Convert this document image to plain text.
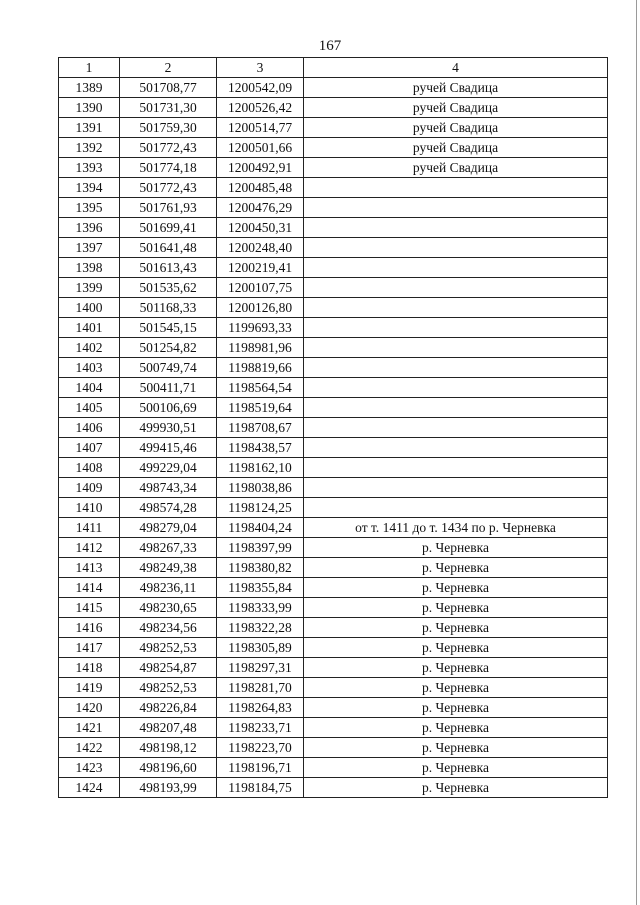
167
1	2	3	4
1389	501708,77	1200542,09	ручей Свадица
1390	501731,30	1200526,42	ручей Свадица
1391	501759,30	1200514,77	ручей Свадица
1392	501772,43	1200501,66	ручей Свадица
1393	501774,18	1200492,91	ручей Свадица
1394	501772,43	1200485,48	
1395	501761,93	1200476,29	
1396	501699,41	1200450,31	
1397	501641,48	1200248,40	
1398	501613,43	1200219,41	
1399	501535,62	1200107,75	
1400	501168,33	1200126,80	
1401	501545,15	1199693,33	
1402	501254,82	1198981,96	
1403	500749,74	1198819,66	
1404	500411,71	1198564,54	
1405	500106,69	1198519,64	
1406	499930,51	1198708,67	
1407	499415,46	1198438,57	
1408	499229,04	1198162,10	
1409	498743,34	1198038,86	
1410	498574,28	1198124,25	
1411	498279,04	1198404,24	от т. 1411 до т. 1434 по р. Черневка
1412	498267,33	1198397,99	р. Черневка
1413	498249,38	1198380,82	р. Черневка
1414	498236,11	1198355,84	р. Черневка
1415	498230,65	1198333,99	р. Черневка
1416	498234,56	1198322,28	р. Черневка
1417	498252,53	1198305,89	р. Черневка
1418	498254,87	1198297,31	р. Черневка
1419	498252,53	1198281,70	р. Черневка
1420	498226,84	1198264,83	р. Черневка
1421	498207,48	1198233,71	р. Черневка
1422	498198,12	1198223,70	р. Черневка
1423	498196,60	1198196,71	р. Черневка
1424	498193,99	1198184,75	р. Черневка
